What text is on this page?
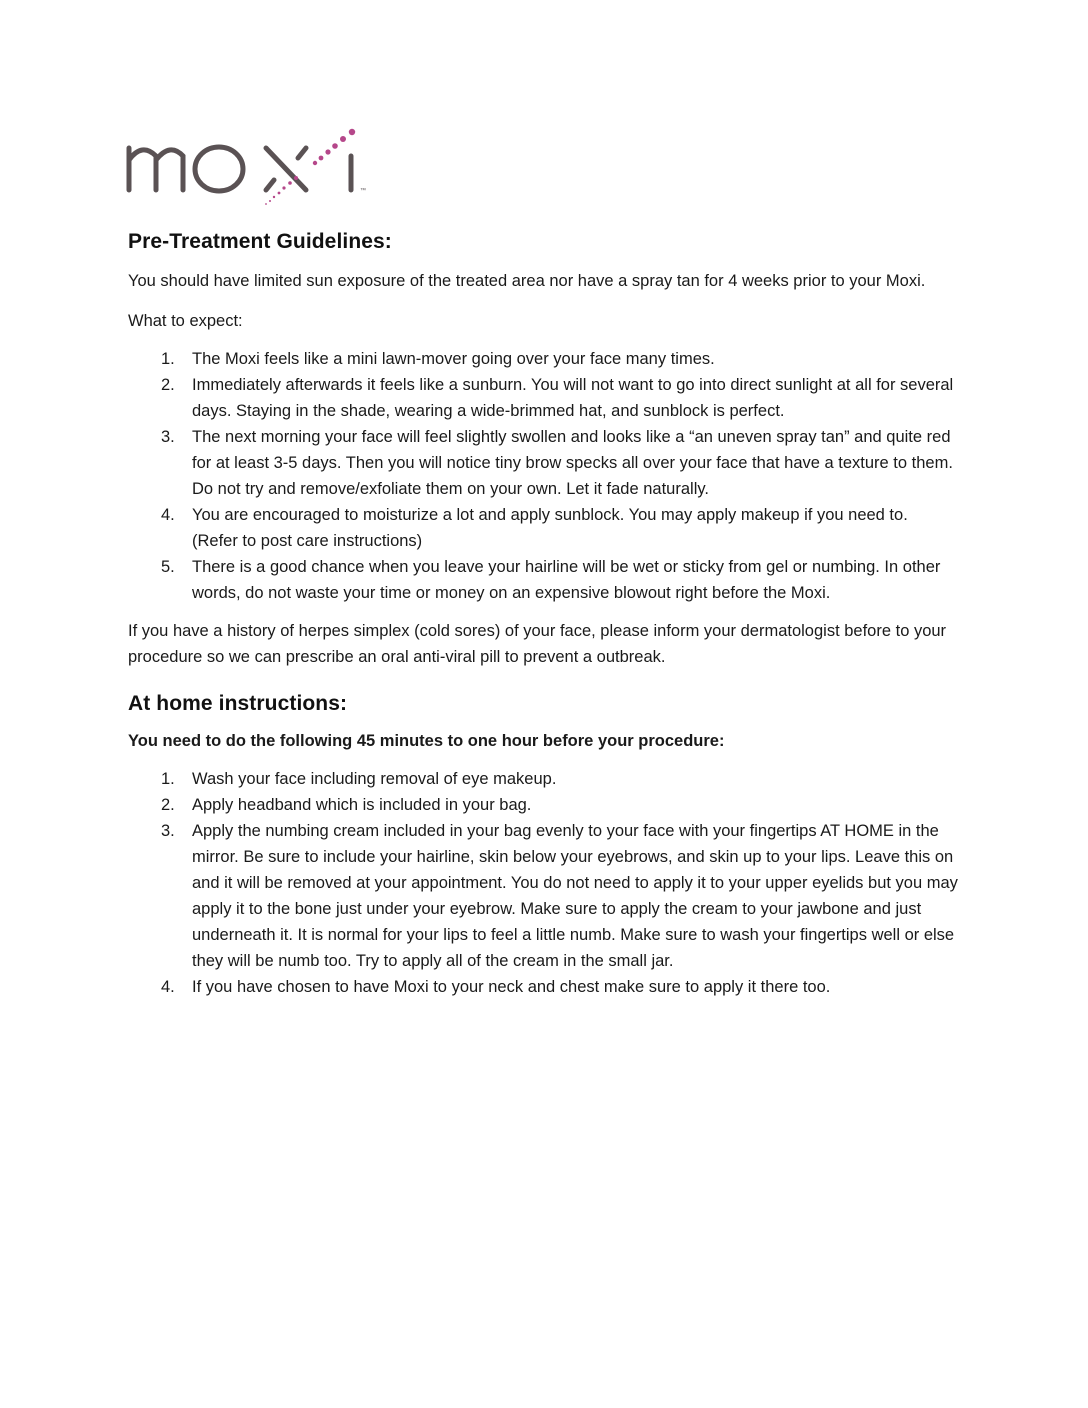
™
Pre-Treatment Guidelines:

You should have limited sun exposure of the treated area nor have a spray tan for 4 weeks prior to your Moxi.

What to expect:

1. The Moxi feels like a mini lawn-mover going over your face many times.
2. Immediately afterwards it feels like a sunburn. You will not want to go into direct sunlight at all for several days. Staying in the shade, wearing a wide-brimmed hat, and sunblock is perfect.
3. The next morning your face will feel slightly swollen and looks like a “an uneven spray tan” and quite red for at least 3-5 days. Then you will notice tiny brow specks all over your face that have a texture to them. Do not try and remove/exfoliate them on your own. Let it fade naturally.
4. You are encouraged to moisturize a lot and apply sunblock. You may apply makeup if you need to. (Refer to post care instructions)
5. There is a good chance when you leave your hairline will be wet or sticky from gel or numbing. In other words, do not waste your time or money on an expensive blowout right before the Moxi.

If you have a history of herpes simplex (cold sores) of your face, please inform your dermatologist before to your procedure so we can prescribe an oral anti-viral pill to prevent a outbreak.

At home instructions:

You need to do the following 45 minutes to one hour before your procedure:

1. Wash your face including removal of eye makeup.
2. Apply headband which is included in your bag.
3. Apply the numbing cream included in your bag evenly to your face with your fingertips AT HOME in the mirror. Be sure to include your hairline, skin below your eyebrows, and skin up to your lips. Leave this on and it will be removed at your appointment. You do not need to apply it to your upper eyelids but you may apply it to the bone just under your eyebrow. Make sure to apply the cream to your jawbone and just underneath it. It is normal for your lips to feel a little numb. Make sure to wash your fingertips well or else they will be numb too. Try to apply all of the cream in the small jar.
4. If you have chosen to have Moxi to your neck and chest make sure to apply it there too.
